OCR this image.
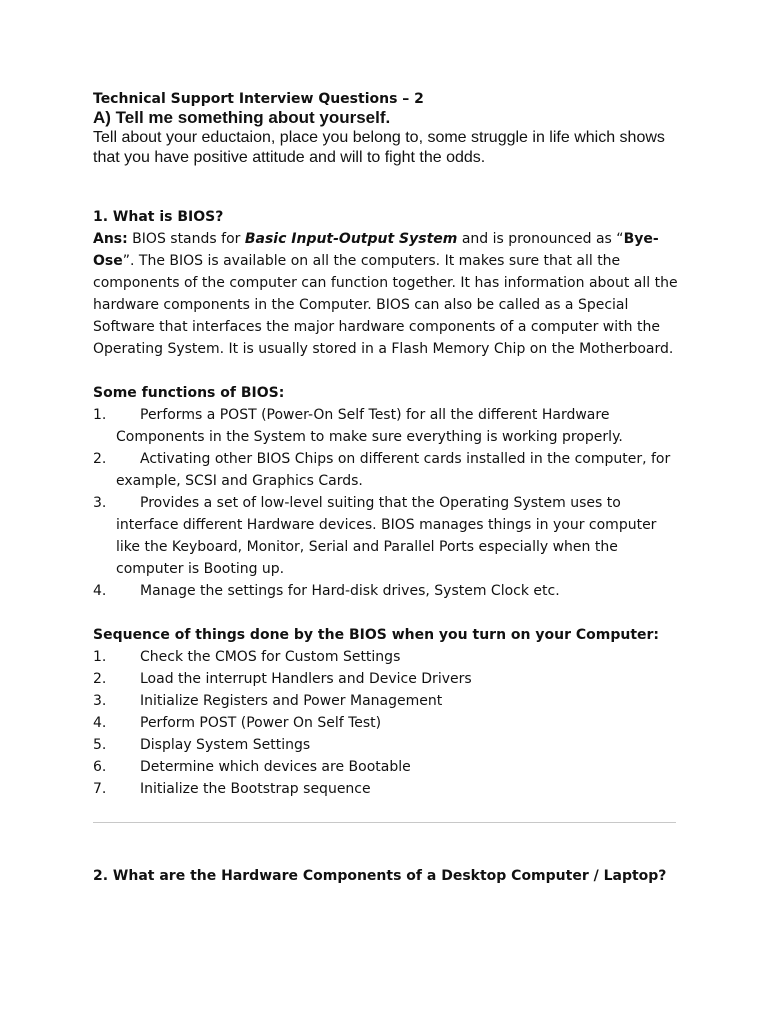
Technical Support Interview Questions – 2

A) Tell me something about yourself.

Tell about your eductaion, place you belong to, some struggle in life which shows that you have positive attitude and will to fight the odds.

1. What is BIOS?

Ans: BIOS stands for Basic Input-Output System and is pronounced as “Bye-Ose”. The BIOS is available on all the computers. It makes sure that all the components of the computer can function together. It has information about all the hardware components in the Computer. BIOS can also be called as a Special Software that interfaces the major hardware components of a computer with the Operating System. It is usually stored in a Flash Memory Chip on the Motherboard.

Some functions of BIOS:

1. Performs a POST (Power-On Self Test) for all the different Hardware Components in the System to make sure everything is working properly.
2. Activating other BIOS Chips on different cards installed in the computer, for example, SCSI and Graphics Cards.
3. Provides a set of low-level suiting that the Operating System uses to interface different Hardware devices. BIOS manages things in your computer like the Keyboard, Monitor, Serial and Parallel Ports especially when the computer is Booting up.
4. Manage the settings for Hard-disk drives, System Clock etc.

Sequence of things done by the BIOS when you turn on your Computer:

1. Check the CMOS for Custom Settings
2. Load the interrupt Handlers and Device Drivers
3. Initialize Registers and Power Management
4. Perform POST (Power On Self Test)
5. Display System Settings
6. Determine which devices are Bootable
7. Initialize the Bootstrap sequence

2. What are the Hardware Components of a Desktop Computer / Laptop?
